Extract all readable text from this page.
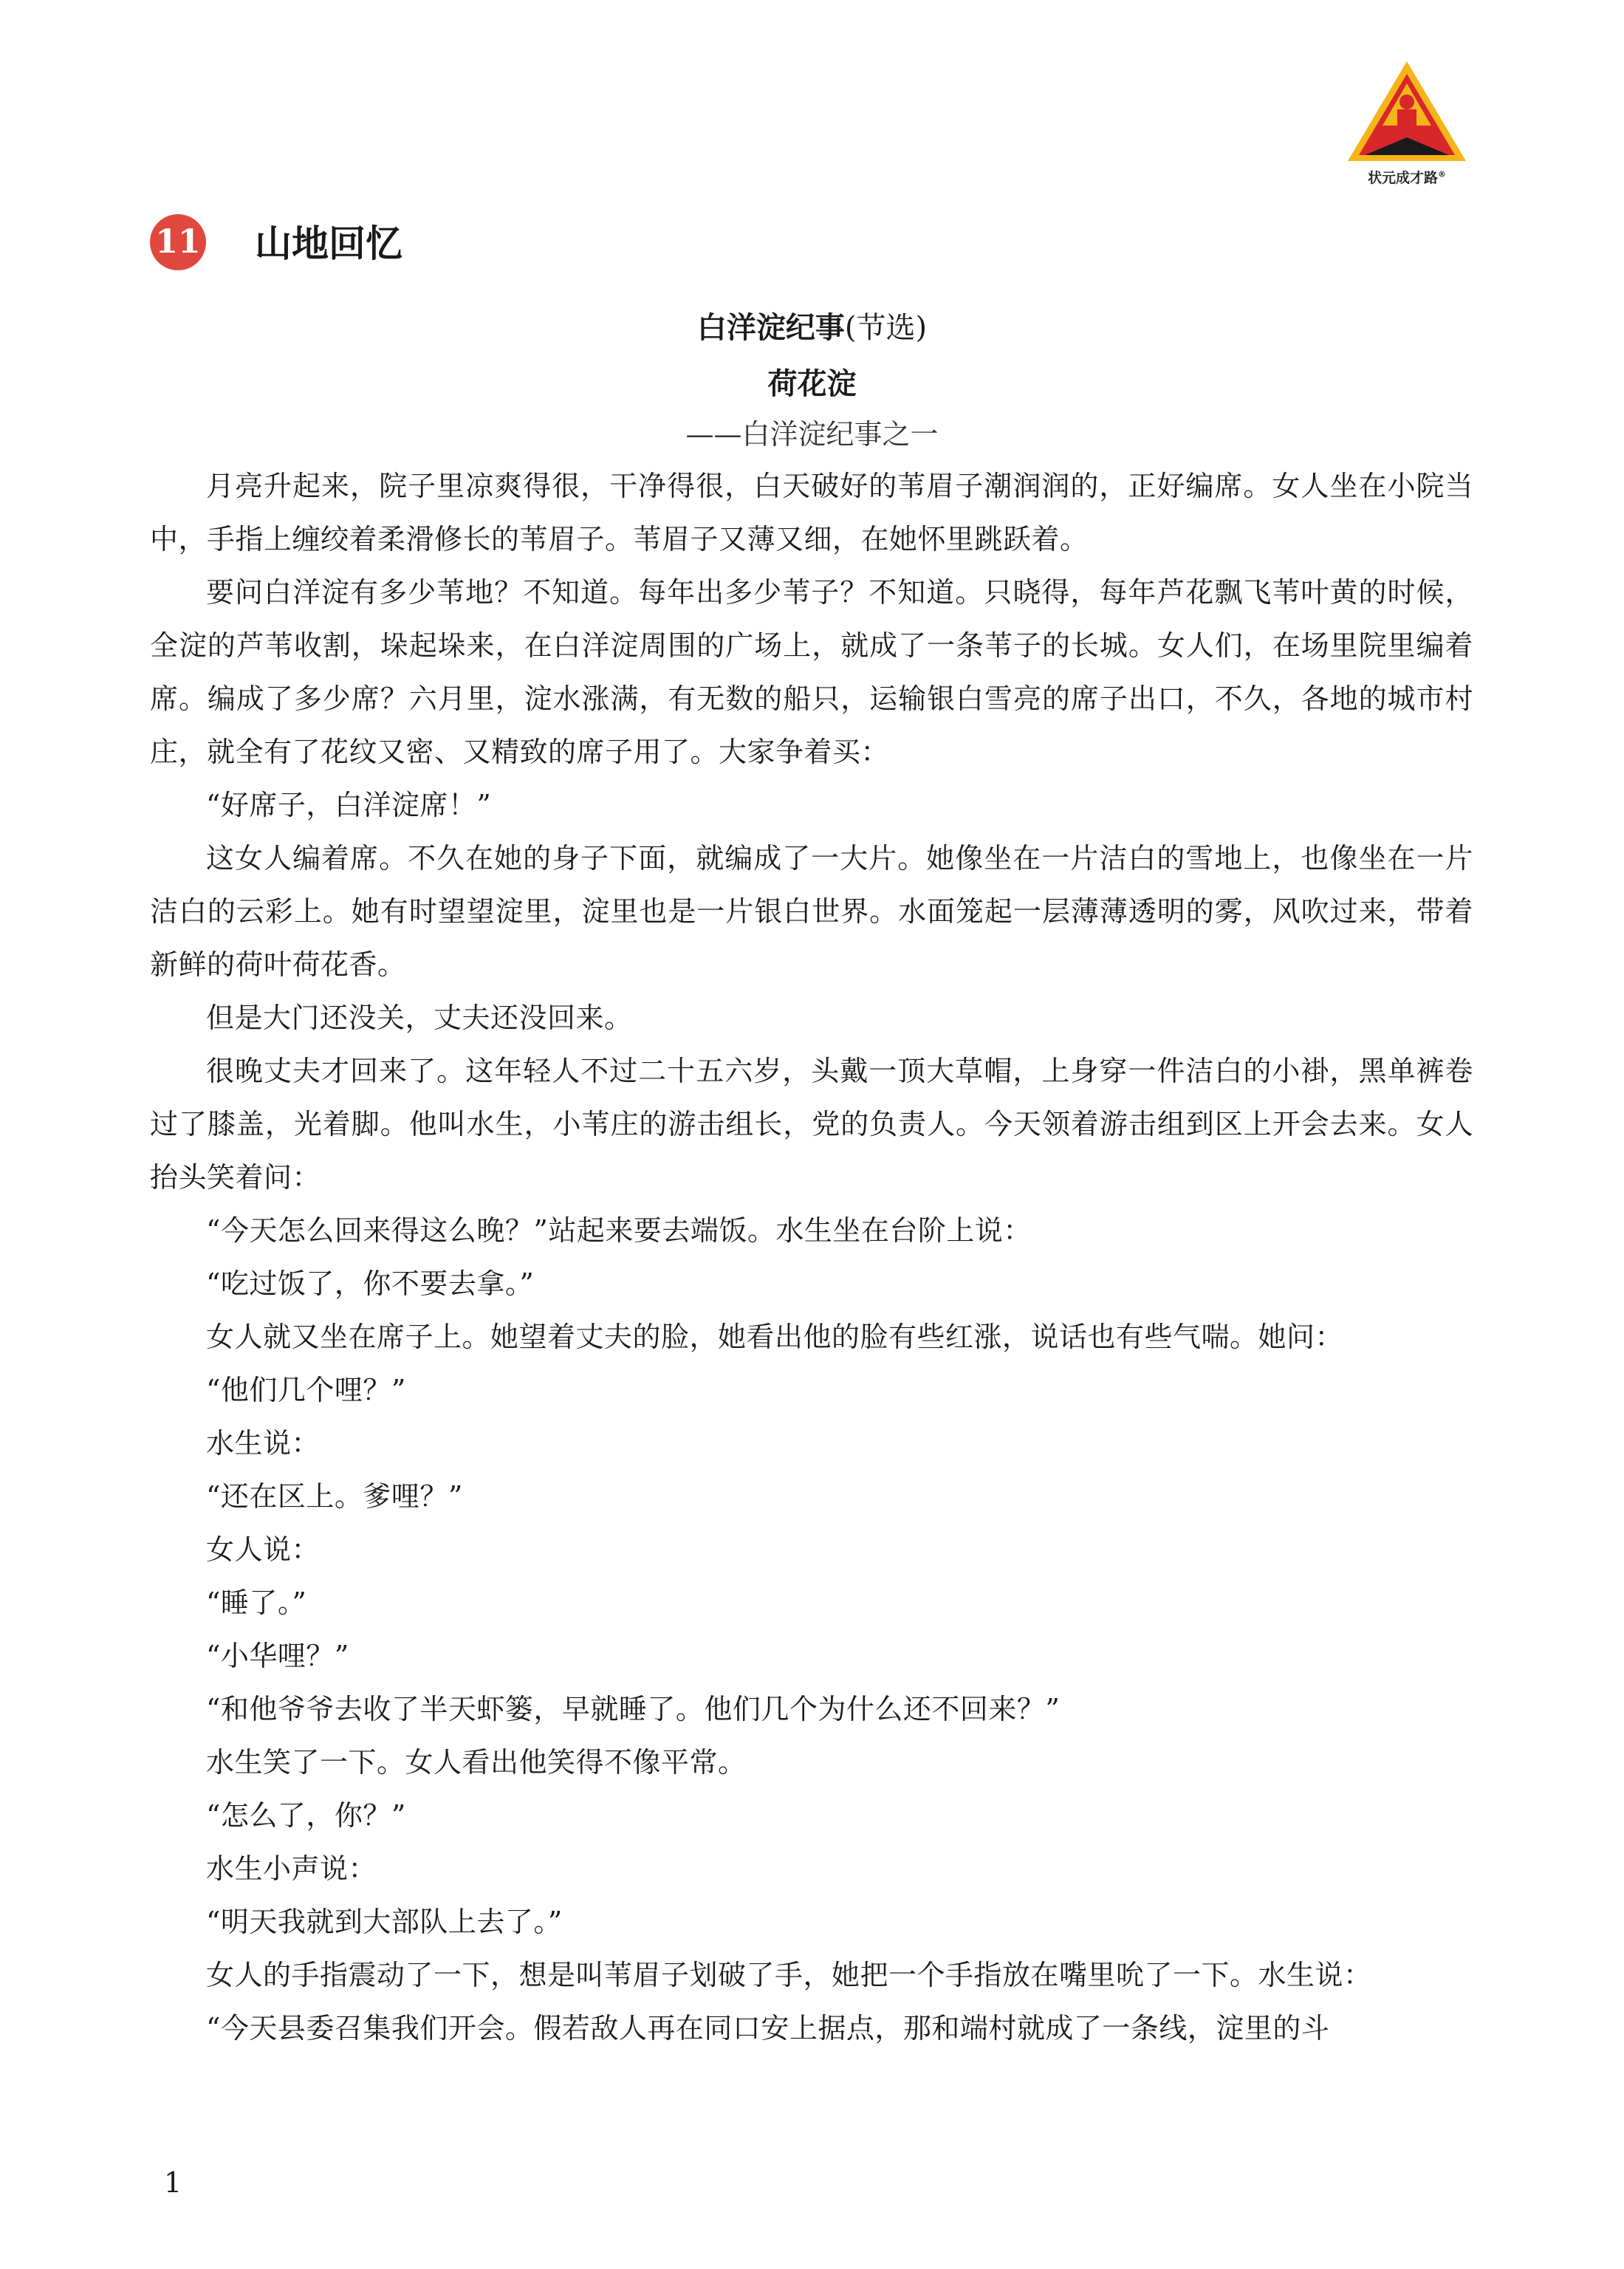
状元成才路®
11 山地回忆
白洋淀纪事(节选)
荷花淀
——白洋淀纪事之一

月亮升起来，院子里凉爽得很，干净得很，白天破好的苇眉子潮润润的，正好编席。女人坐在小院当中，手指上缠绞着柔滑修长的苇眉子。苇眉子又薄又细，在她怀里跳跃着。

要问白洋淀有多少苇地？不知道。每年出多少苇子？不知道。只晓得，每年芦花飘飞苇叶黄的时候，全淀的芦苇收割，垛起垛来，在白洋淀周围的广场上，就成了一条苇子的长城。女人们，在场里院里编着席。编成了多少席？六月里，淀水涨满，有无数的船只，运输银白雪亮的席子出口，不久，各地的城市村庄，就全有了花纹又密、又精致的席子用了。大家争着买：

“好席子，白洋淀席！”

这女人编着席。不久在她的身子下面，就编成了一大片。她像坐在一片洁白的雪地上，也像坐在一片洁白的云彩上。她有时望望淀里，淀里也是一片银白世界。水面笼起一层薄薄透明的雾，风吹过来，带着新鲜的荷叶荷花香。

但是大门还没关，丈夫还没回来。

很晚丈夫才回来了。这年轻人不过二十五六岁，头戴一顶大草帽，上身穿一件洁白的小褂，黑单裤卷过了膝盖，光着脚。他叫水生，小苇庄的游击组长，党的负责人。今天领着游击组到区上开会去来。女人抬头笑着问：

“今天怎么回来得这么晚？”站起来要去端饭。水生坐在台阶上说：

“吃过饭了，你不要去拿。”

女人就又坐在席子上。她望着丈夫的脸，她看出他的脸有些红涨，说话也有些气喘。她问：

“他们几个哩？”

水生说：

“还在区上。爹哩？”

女人说：

“睡了。”

“小华哩？”

“和他爷爷去收了半天虾篓，早就睡了。他们几个为什么还不回来？”

水生笑了一下。女人看出他笑得不像平常。

“怎么了，你？”

水生小声说：

“明天我就到大部队上去了。”

女人的手指震动了一下，想是叫苇眉子划破了手，她把一个手指放在嘴里吮了一下。水生说：

“今天县委召集我们开会。假若敌人再在同口安上据点，那和端村就成了一条线，淀里的斗

1
